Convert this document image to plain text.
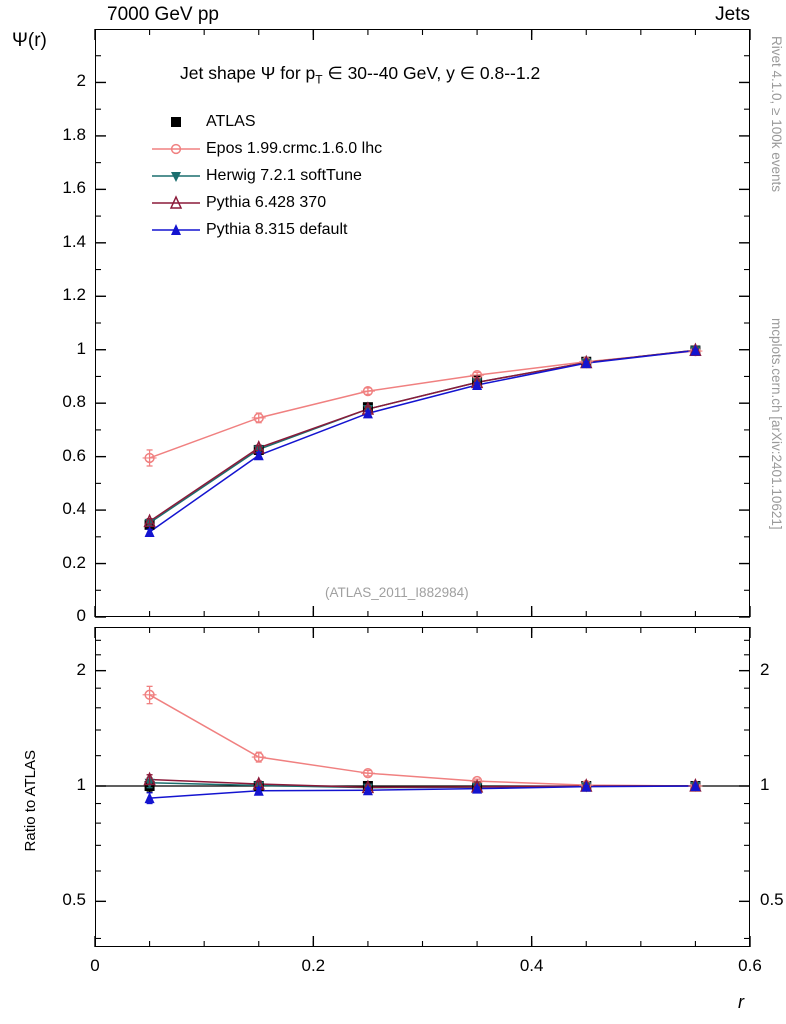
7000 GeV pp	Jets
Rivet 4.1.0, ≥ 100k events
mcplots.cern.ch [arXiv:2401.10621]
Ψ(r)
Ratio to ATLAS
r
Jet shape Ψ for $p_T$ ∈ 30--40 GeV, y ∈ 0.8--1.2
(ATLAS_2011_I882984)
ATLAS
Epos 1.99.crmc.1.6.0 lhc
Herwig 7.2.1 softTune
Pythia 6.428 370
Pythia 8.315 default
0
0.2
0.4
0.6
0.8
1
1.2
1.4
1.6
1.8
2
0.5	0.5
1	1
2	2
0	0.2	0.4	0.6
